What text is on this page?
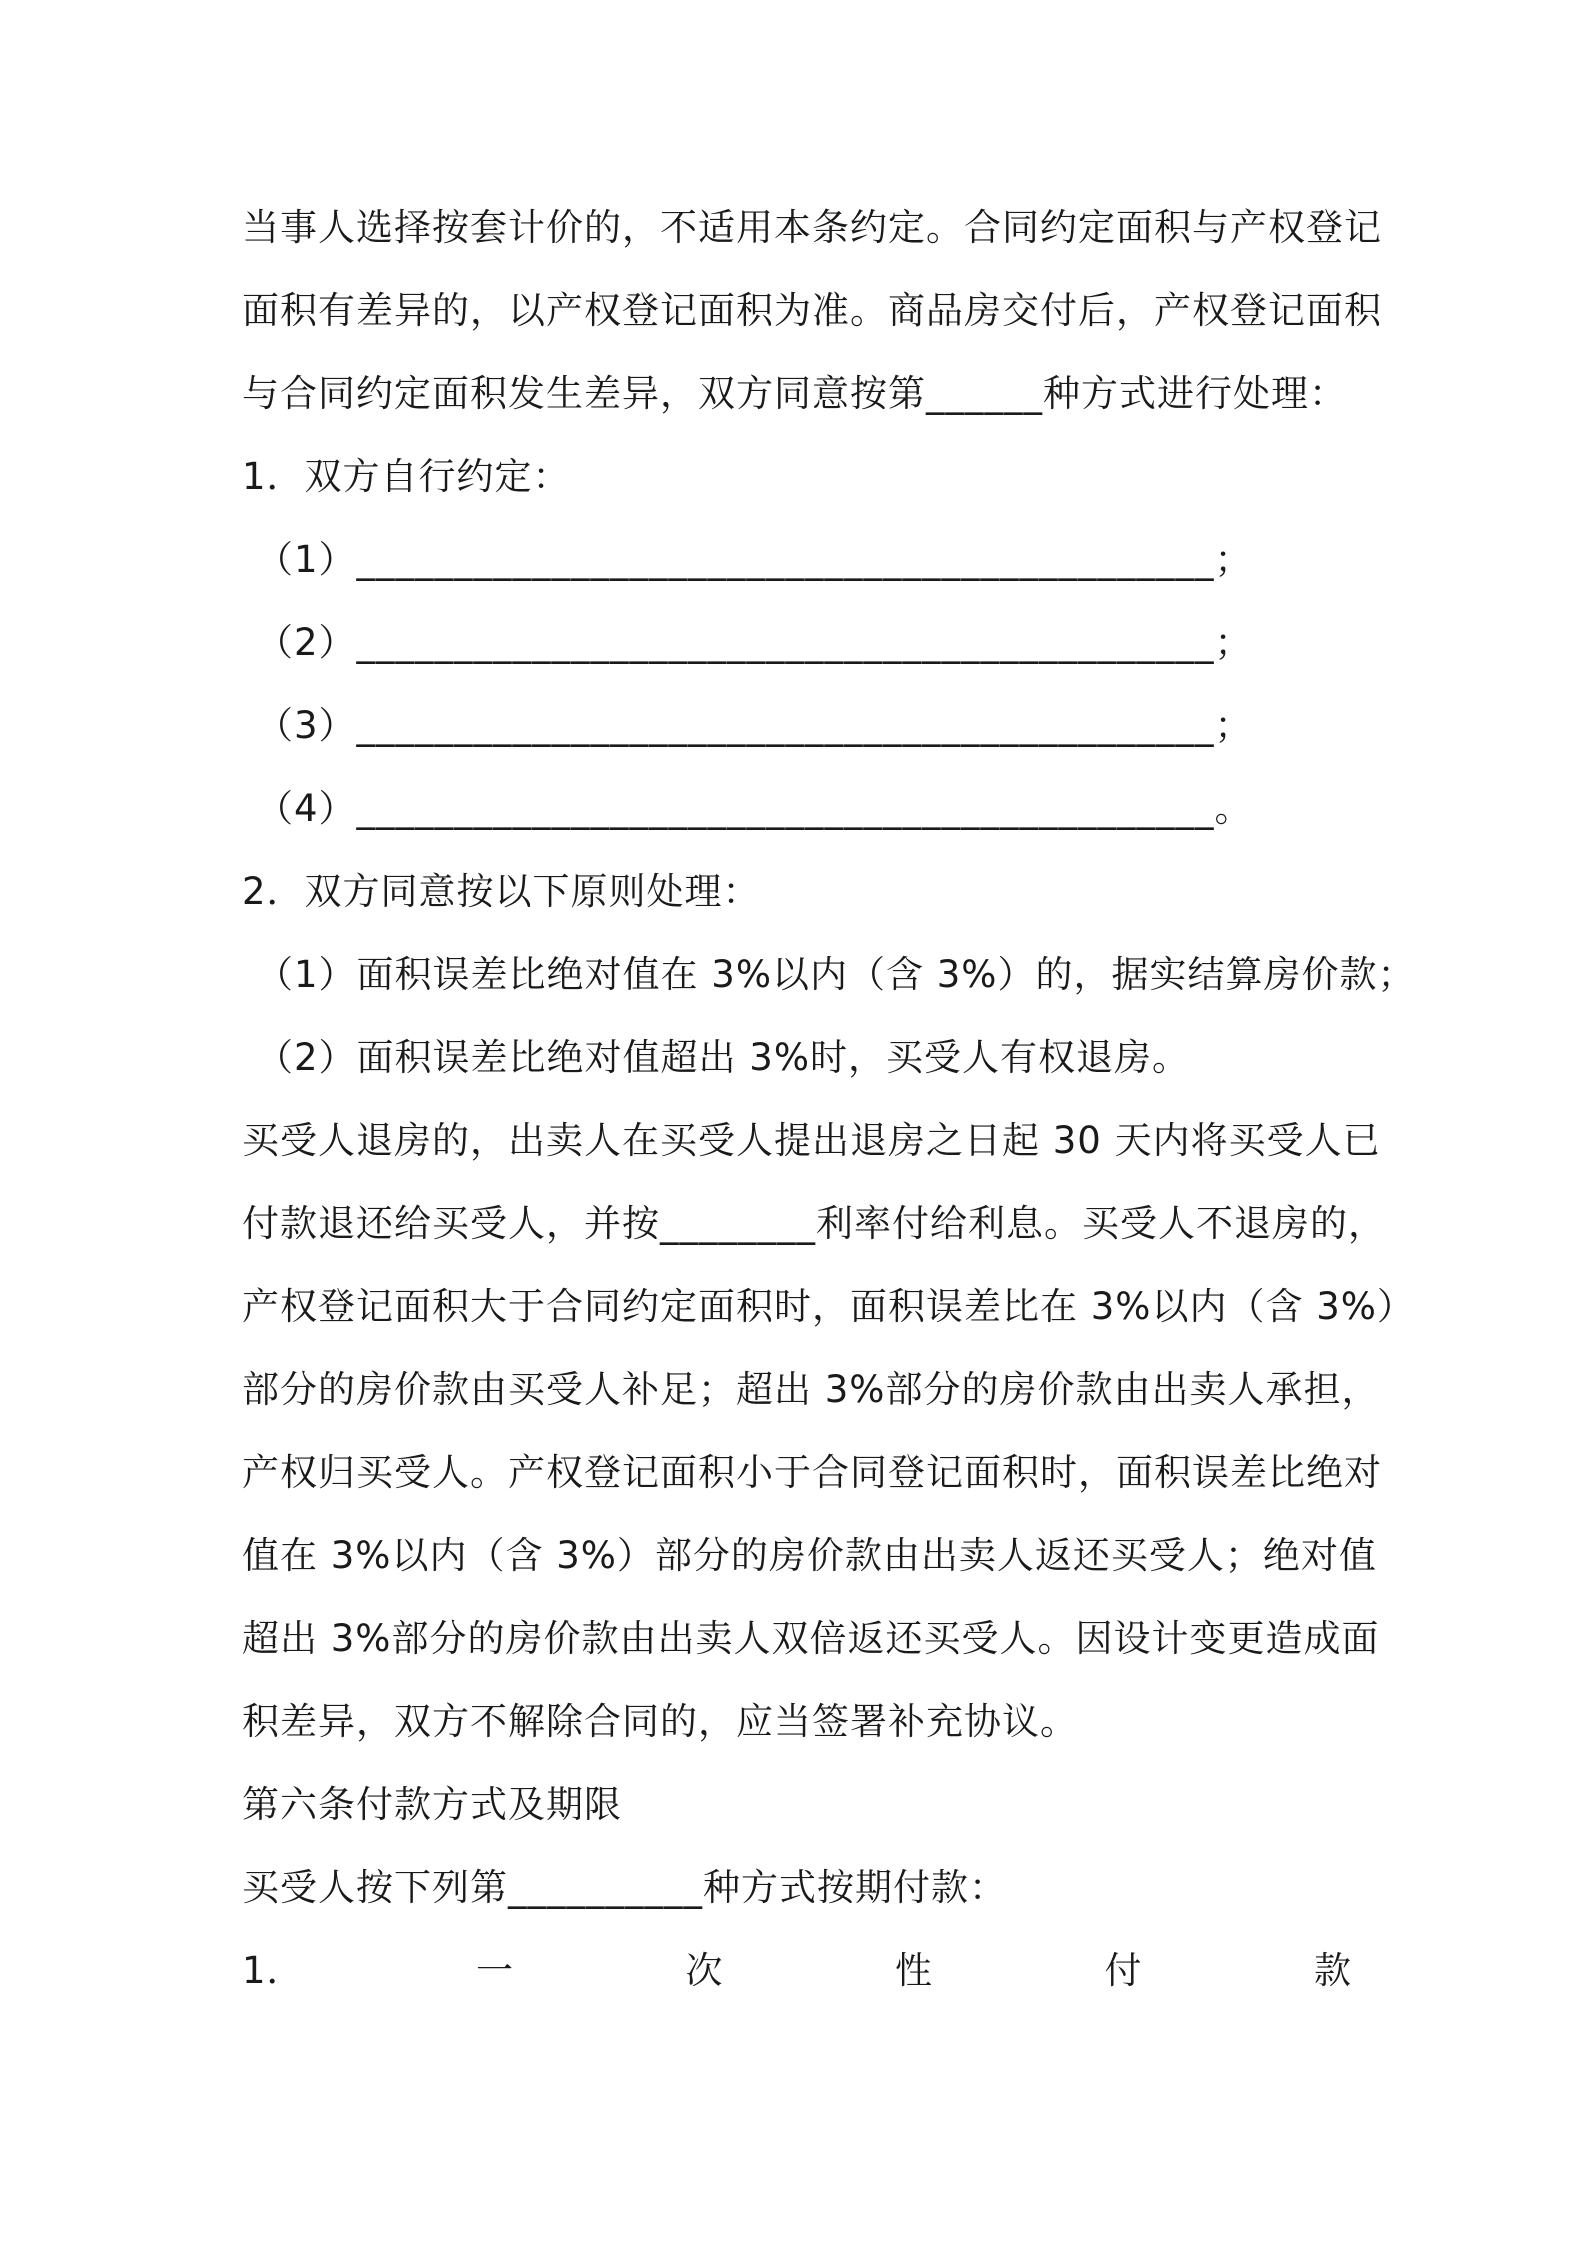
当事人选择按套计价的，不适用本条约定。合同约定面积与产权登记
面积有差异的，以产权登记面积为准。商品房交付后，产权登记面积
与合同约定面积发生差异，双方同意按第______种方式进行处理：
1．双方自行约定：
（1）____________________________________________；
（2）____________________________________________；
（3）____________________________________________；
（4）____________________________________________。
2．双方同意按以下原则处理：
（1）面积误差比绝对值在 3%以内（含 3%）的，据实结算房价款；
（2）面积误差比绝对值超出 3%时，买受人有权退房。
买受人退房的，出卖人在买受人提出退房之日起 30 天内将买受人已
付款退还给买受人，并按________利率付给利息。买受人不退房的，
产权登记面积大于合同约定面积时，面积误差比在 3%以内（含 3%）
部分的房价款由买受人补足；超出 3%部分的房价款由出卖人承担，
产权归买受人。产权登记面积小于合同登记面积时，面积误差比绝对
值在 3%以内（含 3%）部分的房价款由出卖人返还买受人；绝对值
超出 3%部分的房价款由出卖人双倍返还买受人。因设计变更造成面
积差异，双方不解除合同的，应当签署补充协议。
第六条付款方式及期限
买受人按下列第__________种方式按期付款：
1．	一	次	性	付	款
